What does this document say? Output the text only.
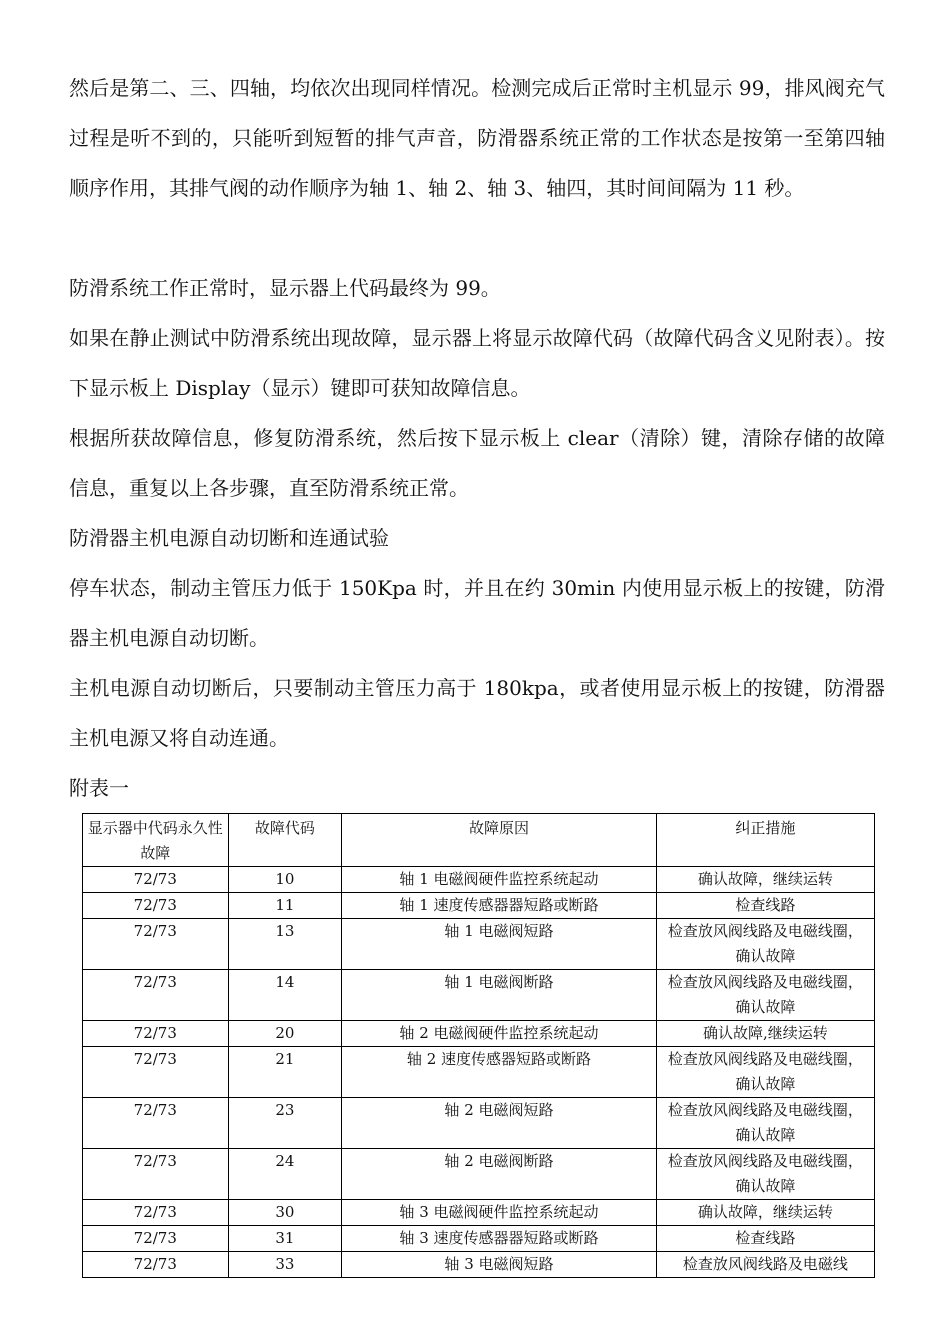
然后是第二、三、四轴，均依次出现同样情况。检测完成后正常时主机显示 99，排风阀充气过程是听不到的，只能听到短暂的排气声音，防滑器系统正常的工作状态是按第一至第四轴顺序作用，其排气阀的动作顺序为轴 1、轴 2、轴 3、轴四，其时间间隔为 11 秒。

防滑系统工作正常时，显示器上代码最终为 99。

如果在静止测试中防滑系统出现故障，显示器上将显示故障代码（故障代码含义见附表）。按下显示板上 Display（显示）键即可获知故障信息。

根据所获故障信息，修复防滑系统，然后按下显示板上 clear（清除）键，清除存储的故障信息，重复以上各步骤，直至防滑系统正常。

防滑器主机电源自动切断和连通试验

停车状态，制动主管压力低于 150Kpa 时，并且在约 30min 内使用显示板上的按键，防滑器主机电源自动切断。

主机电源自动切断后，只要制动主管压力高于 180kpa，或者使用显示板上的按键，防滑器主机电源又将自动连通。

附表一

显示器中代码永久性故障	故障代码	故障原因	纠正措施
72/73	10	轴 1 电磁阀硬件监控系统起动	确认故障，继续运转
72/73	11	轴 1 速度传感器器短路或断路	检查线路
72/73	13	轴 1 电磁阀短路	检查放风阀线路及电磁线圈，确认故障
72/73	14	轴 1 电磁阀断路	检查放风阀线路及电磁线圈，确认故障
72/73	20	轴 2 电磁阀硬件监控系统起动	确认故障,继续运转
72/73	21	轴 2 速度传感器短路或断路	检查放风阀线路及电磁线圈，确认故障
72/73	23	轴 2 电磁阀短路	检查放风阀线路及电磁线圈，确认故障
72/73	24	轴 2 电磁阀断路	检查放风阀线路及电磁线圈，确认故障
72/73	30	轴 3 电磁阀硬件监控系统起动	确认故障，继续运转
72/73	31	轴 3 速度传感器器短路或断路	检查线路
72/73	33	轴 3 电磁阀短路	检查放风阀线路及电磁线
